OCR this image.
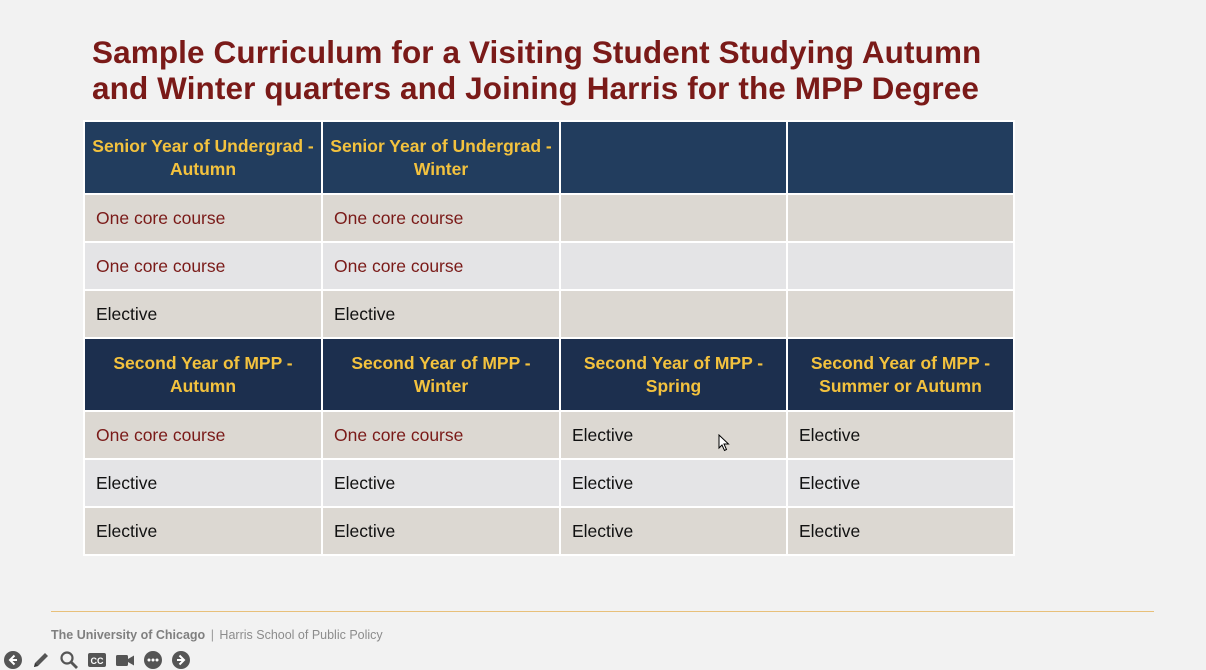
Sample Curriculum for a Visiting Student Studying Autumn
and Winter quarters and Joining Harris for the MPP Degree
Senior Year of Undergrad - Autumn	Senior Year of Undergrad - Winter		
One core course	One core course		
One core course	One core course		
Elective	Elective		
Second Year of MPP - Autumn	Second Year of MPP - Winter	Second Year of MPP - Spring	Second Year of MPP - Summer or Autumn
One core course	One core course	Elective	Elective
Elective	Elective	Elective	Elective
Elective	Elective	Elective	Elective
The University of Chicago | Harris School of Public Policy
CC
